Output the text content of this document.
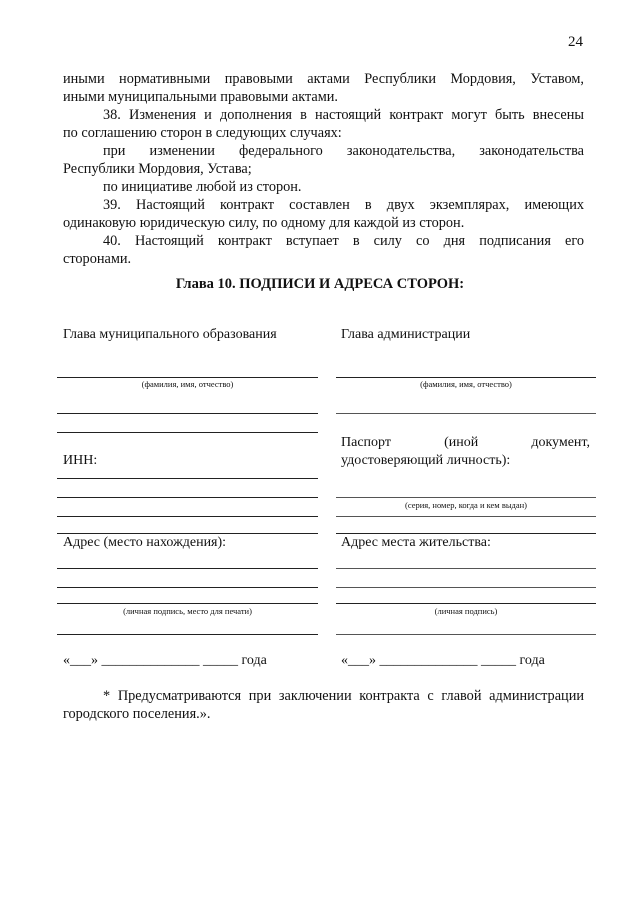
24
иными нормативными правовыми актами Республики Мордовия, Уставом,
иными муниципальными правовыми актами.
38. Изменения и дополнения в настоящий контракт могут быть внесены
по соглашению сторон в следующих случаях:
при изменении федерального законодательства, законодательства
Республики Мордовия, Устава;
по инициативе любой из сторон.
39. Настоящий контракт составлен в двух экземплярах, имеющих
одинаковую юридическую силу, по одному для каждой из сторон.
40. Настоящий контракт вступает в силу со дня подписания его
сторонами.
Глава 10. ПОДПИСИ И АДРЕСА СТОРОН:
Глава муниципального образования
(фамилия, имя, отчество)
ИНН:
Адрес (место нахождения):
(личная подпись, место для печати)
«___» ______________ _____ года
Глава администрации
(фамилия, имя, отчество)
Паспорт (иной документ,
удостоверяющий личность):
(серия, номер, когда и кем выдан)
Адрес места жительства:
(личная подпись)
«___» ______________ _____ года
* Предусматриваются при заключении контракта с главой администрации
городского поселения.».
